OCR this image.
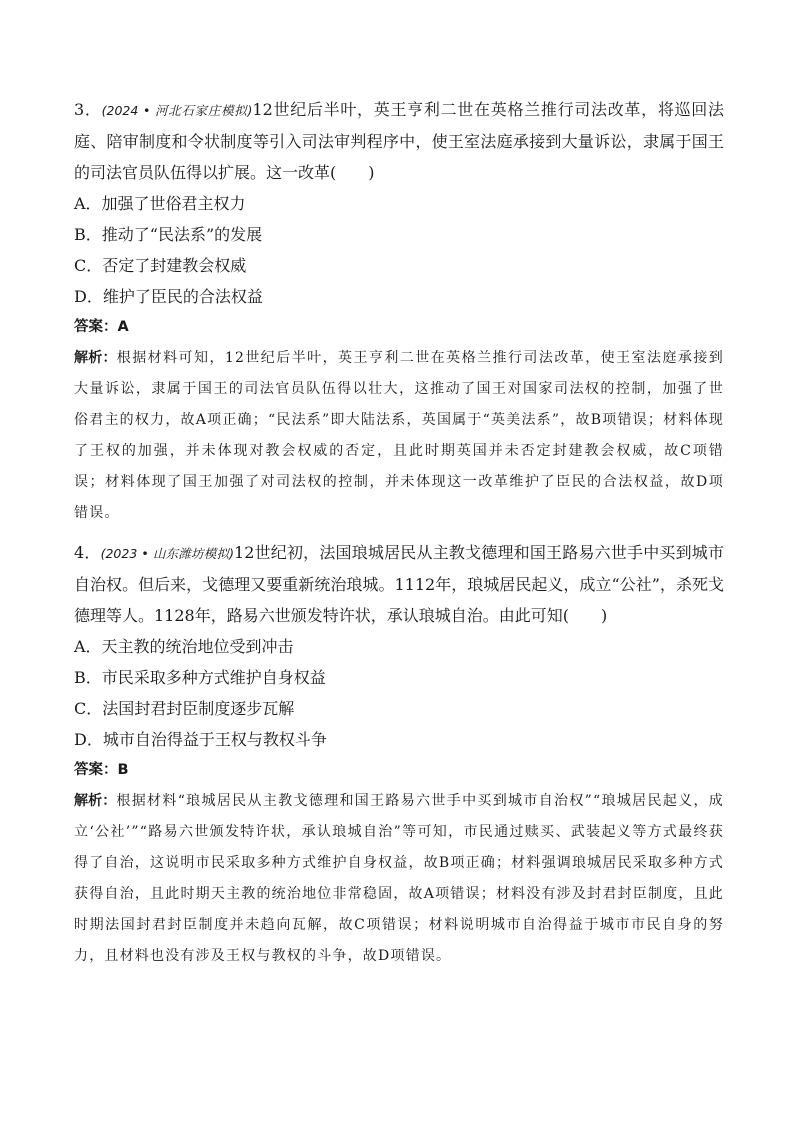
3．(2024 • 河北石家庄模拟)12世纪后半叶，英王亨利二世在英格兰推行司法改革，将巡回法庭、陪审制度和令状制度等引入司法审判程序中，使王室法庭承接到大量诉讼，隶属于国王的司法官员队伍得以扩展。这一改革(　　)

A．加强了世俗君主权力

B．推动了“民法系”的发展

C．否定了封建教会权威

D．维护了臣民的合法权益

答案：A

解析：根据材料可知，12世纪后半叶，英王亨利二世在英格兰推行司法改革，使王室法庭承接到大量诉讼，隶属于国王的司法官员队伍得以壮大，这推动了国王对国家司法权的控制，加强了世俗君主的权力，故A项正确；“民法系”即大陆法系，英国属于“英美法系”，故B项错误；材料体现了王权的加强，并未体现对教会权威的否定，且此时期英国并未否定封建教会权威，故C项错误；材料体现了国王加强了对司法权的控制，并未体现这一改革维护了臣民的合法权益，故D项错误。

4．(2023 • 山东潍坊模拟)12世纪初，法国琅城居民从主教戈德理和国王路易六世手中买到城市自治权。但后来，戈德理又要重新统治琅城。1112年，琅城居民起义，成立“公社”，杀死戈德理等人。1128年，路易六世颁发特许状，承认琅城自治。由此可知(　　)

A．天主教的统治地位受到冲击

B．市民采取多种方式维护自身权益

C．法国封君封臣制度逐步瓦解

D．城市自治得益于王权与教权斗争

答案：B

解析：根据材料“琅城居民从主教戈德理和国王路易六世手中买到城市自治权”“琅城居民起义，成立‘公社’”“路易六世颁发特许状，承认琅城自治”等可知，市民通过赎买、武装起义等方式最终获得了自治，这说明市民采取多种方式维护自身权益，故B项正确；材料强调琅城居民采取多种方式获得自治，且此时期天主教的统治地位非常稳固，故A项错误；材料没有涉及封君封臣制度，且此时期法国封君封臣制度并未趋向瓦解，故C项错误；材料说明城市自治得益于城市市民自身的努力，且材料也没有涉及王权与教权的斗争，故D项错误。
